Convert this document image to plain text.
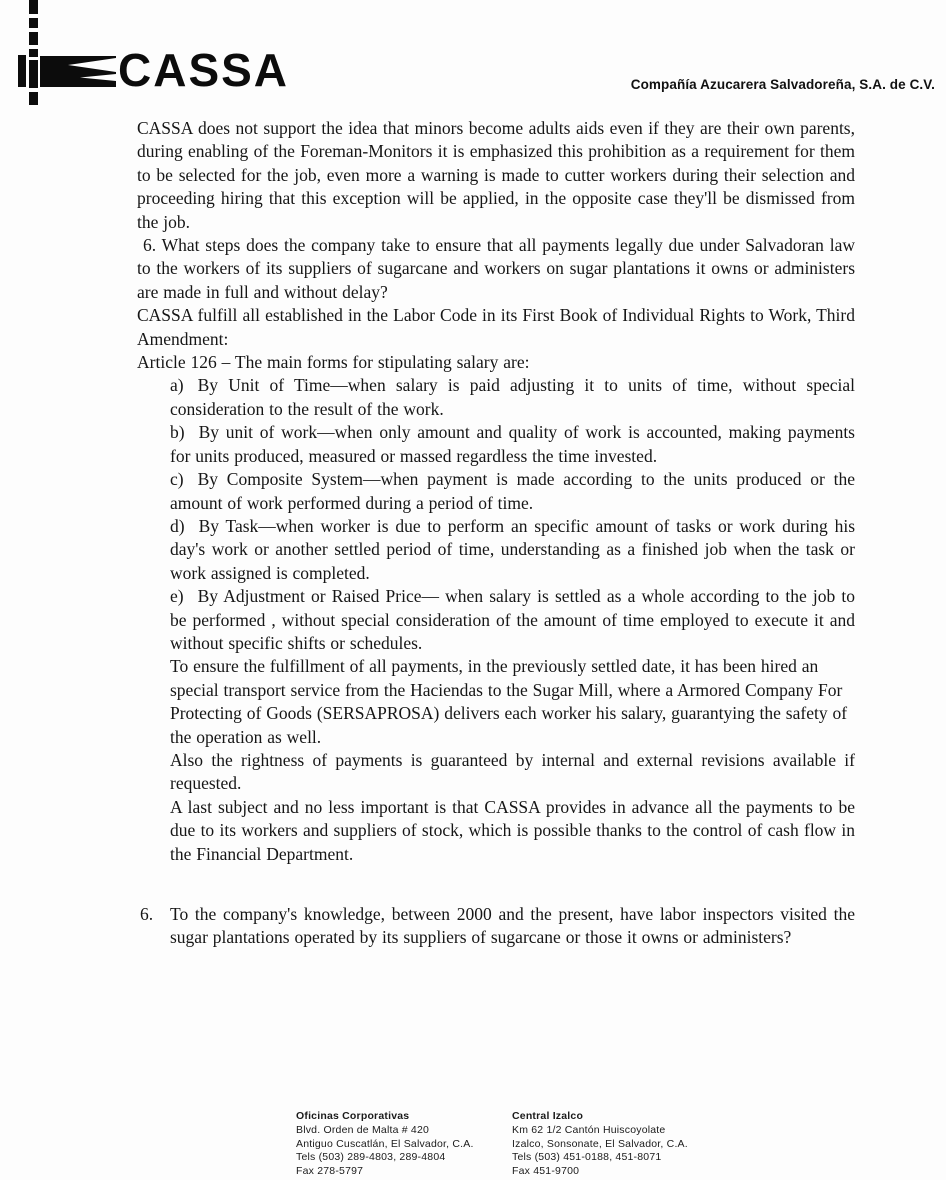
CASSA	Compañía Azucarera Salvadoreña, S.A. de C.V.

CASSA does not support the idea that minors become adults aids even if they are their own parents, during enabling of the Foreman-Monitors it is emphasized this prohibition as a requirement for them to be selected for the job, even more a warning is made to cutter workers during their selection and proceeding hiring that this exception will be applied, in the opposite case they'll be dismissed from the job.

6. What steps does the company take to ensure that all payments legally due under Salvadoran law to the workers of its suppliers of sugarcane and workers on sugar plantations it owns or administers are made in full and without delay?

CASSA fulfill all established in the Labor Code in its First Book of Individual Rights to Work, Third Amendment:

Article 126 – The main forms for stipulating salary are:

a) By Unit of Time—when salary is paid adjusting it to units of time, without special consideration to the result of the work.

b) By unit of work—when only amount and quality of work is accounted, making payments for units produced, measured or massed regardless the time invested.

c) By Composite System—when payment is made according to the units produced or the amount of work performed during a period of time.

d) By Task—when worker is due to perform an specific amount of tasks or work during his day's work or another settled period of time, understanding as a finished job when the task or work assigned is completed.

e) By Adjustment or Raised Price— when salary is settled as a whole according to the job to be performed , without special consideration of the amount of time employed to execute it and without specific shifts or schedules.

To ensure the fulfillment of all payments, in the previously settled date, it has been hired an special transport service from the Haciendas to the Sugar Mill, where a Armored Company For Protecting of Goods (SERSAPROSA) delivers each worker his salary, guarantying the safety of the operation as well.

Also the rightness of payments is guaranteed by internal and external revisions available if requested.

A last subject and no less important is that CASSA provides in advance all the payments to be due to its workers and suppliers of stock, which is possible thanks to the control of cash flow in the Financial Department.

6. To the company's knowledge, between 2000 and the present, have labor inspectors visited the sugar plantations operated by its suppliers of sugarcane or those it owns or administers?
Oficinas Corporativas
Blvd. Orden de Malta # 420
Antiguo Cuscatlán, El Salvador, C.A.
Tels (503) 289-4803, 289-4804
Fax 278-5797
Central Izalco
Km 62 1/2 Cantón Huiscoyolate
Izalco, Sonsonate, El Salvador, C.A.
Tels (503) 451-0188, 451-8071
Fax 451-9700
